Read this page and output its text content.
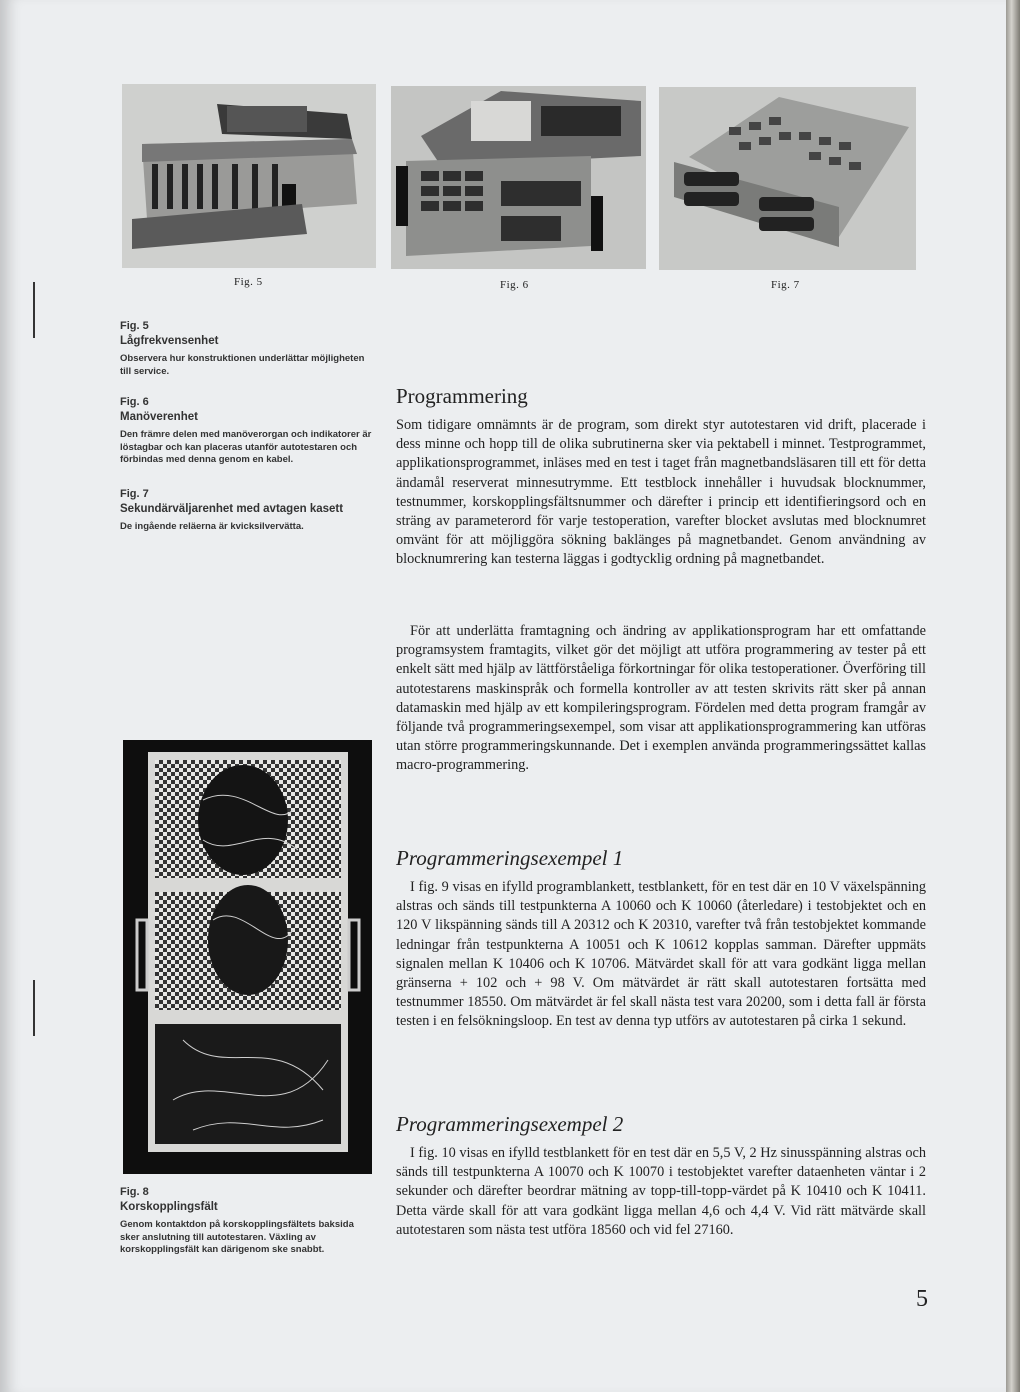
Fig. 5	Fig. 6	Fig. 7
Fig. 5
Lågfrekvensenhet
Observera hur konstruktionen underlättar möjligheten till service.
Fig. 6
Manöverenhet
Den främre delen med manöverorgan och indikatorer är löstagbar och kan placeras utanför autotestaren och förbindas med denna genom en kabel.
Fig. 7
Sekundärväljarenhet med avtagen kasett
De ingående reläerna är kvicksilvervätta.
Fig. 8
Korskopplingsfält
Genom kontaktdon på korskopplingsfältets baksida sker anslutning till autotestaren. Växling av korskopplingsfält kan därigenom ske snabbt.
Programmering

Som tidigare omnämnts är de program, som direkt styr autotestaren vid drift, placerade i dess minne och hopp till de olika subrutinerna sker via pektabell i minnet. Testprogrammet, applikationsprogrammet, inläses med en test i taget från magnetbandsläsaren till ett för detta ändamål reserverat minnesutrymme. Ett testblock innehåller i huvudsak blocknummer, testnummer, korskopplingsfältsnummer och därefter i princip ett identifieringsord och en sträng av parameterord för varje testoperation, varefter blocket avslutas med blocknumret omvänt för att möjliggöra sökning baklänges på magnetbandet. Genom användning av blocknumrering kan testerna läggas i godtycklig ordning på magnetbandet.

För att underlätta framtagning och ändring av applikationsprogram har ett omfattande programsystem framtagits, vilket gör det möjligt att utföra programmering av tester på ett enkelt sätt med hjälp av lättförståeliga förkortningar för olika testoperationer. Överföring till autotestarens maskinspråk och formella kontroller av att testen skrivits rätt sker på annan datamaskin med hjälp av ett kompileringsprogram. Fördelen med detta program framgår av följande två programmeringsexempel, som visar att applikationsprogrammering kan utföras utan större programmeringskunnande. Det i exemplen använda programmeringssättet kallas macro-programmering.

Programmeringsexempel 1

I fig. 9 visas en ifylld programblankett, testblankett, för en test där en 10 V växelspänning alstras och sänds till testpunkterna A 10060 och K 10060 (återledare) i testobjektet och en 120 V likspänning sänds till A 20312 och K 20310, varefter två från testobjektet kommande ledningar från testpunkterna A 10051 och K 10612 kopplas samman. Därefter uppmäts signalen mellan K 10406 och K 10706. Mätvärdet skall för att vara godkänt ligga mellan gränserna + 102 och + 98 V. Om mätvärdet är rätt skall autotestaren fortsätta med testnummer 18550. Om mätvärdet är fel skall nästa test vara 20200, som i detta fall är första testen i en felsökningsloop. En test av denna typ utförs av autotestaren på cirka 1 sekund.

Programmeringsexempel 2

I fig. 10 visas en ifylld testblankett för en test där en 5,5 V, 2 Hz sinusspänning alstras och sänds till testpunkterna A 10070 och K 10070 i testobjektet varefter dataenheten väntar i 2 sekunder och därefter beordrar mätning av topp-till-topp-värdet på K 10410 och K 10411. Detta värde skall för att vara godkänt ligga mellan 4,6 och 4,4 V. Vid rätt mätvärde skall autotestaren som nästa test utföra 18560 och vid fel 27160.

5
